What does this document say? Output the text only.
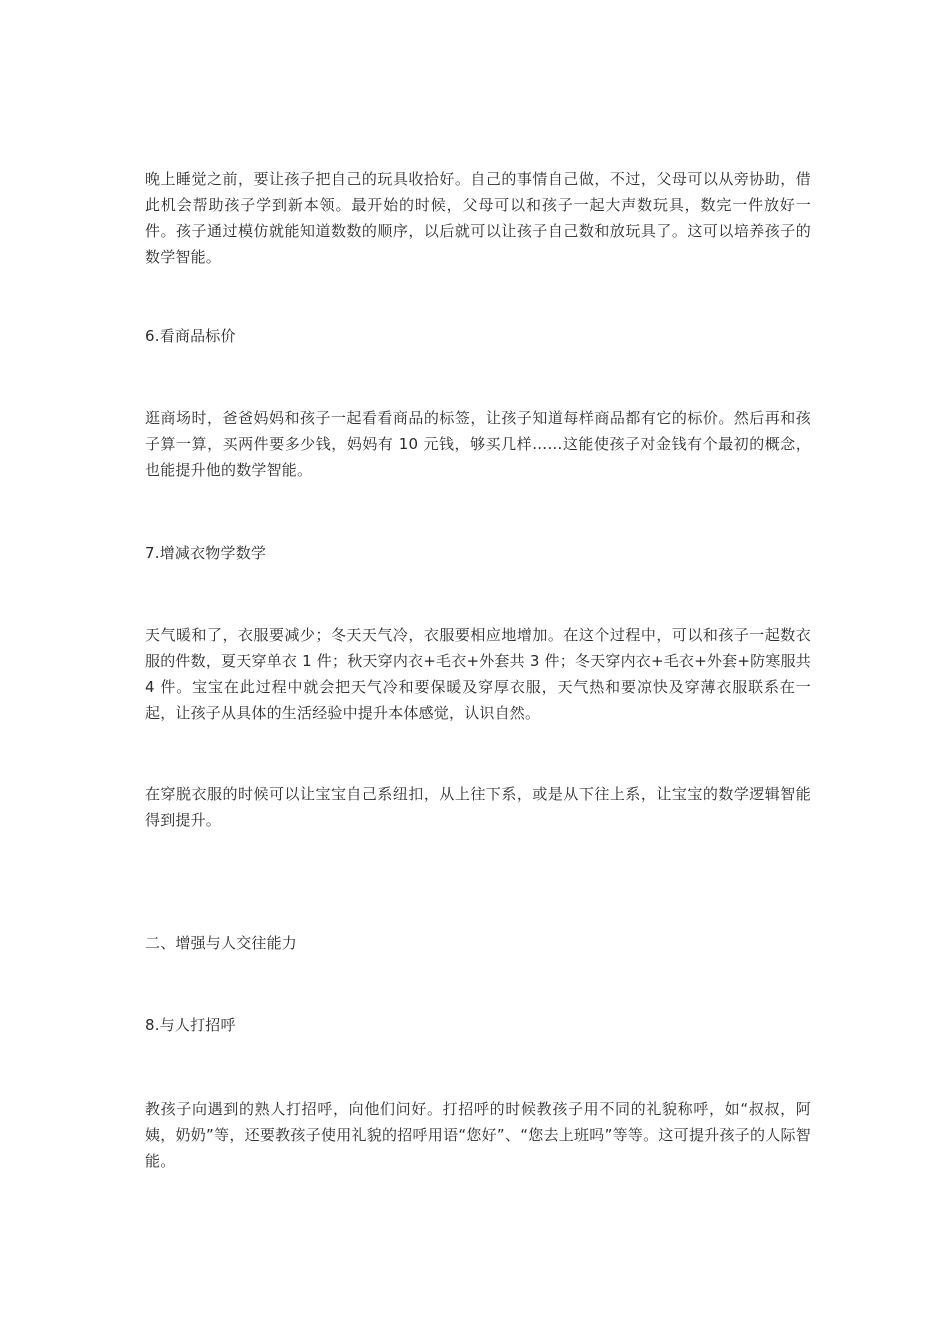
晚上睡觉之前，要让孩子把自己的玩具收拾好。自己的事情自己做，不过，父母可以从旁协助，借此机会帮助孩子学到新本领。最开始的时候，父母可以和孩子一起大声数玩具，数完一件放好一件。孩子通过模仿就能知道数数的顺序，以后就可以让孩子自己数和放玩具了。这可以培养孩子的数学智能。

6.看商品标价

逛商场时，爸爸妈妈和孩子一起看看商品的标签，让孩子知道每样商品都有它的标价。然后再和孩子算一算，买两件要多少钱，妈妈有 10 元钱，够买几样……这能使孩子对金钱有个最初的概念，也能提升他的数学智能。

7.增减衣物学数学

天气暖和了，衣服要减少；冬天天气冷，衣服要相应地增加。在这个过程中，可以和孩子一起数衣服的件数，夏天穿单衣 1 件；秋天穿内衣+毛衣+外套共 3 件；冬天穿内衣+毛衣+外套+防寒服共 4 件。宝宝在此过程中就会把天气冷和要保暖及穿厚衣服，天气热和要凉快及穿薄衣服联系在一起，让孩子从具体的生活经验中提升本体感觉，认识自然。

在穿脱衣服的时候可以让宝宝自己系纽扣，从上往下系，或是从下往上系，让宝宝的数学逻辑智能得到提升。

二、增强与人交往能力

8.与人打招呼

教孩子向遇到的熟人打招呼，向他们问好。打招呼的时候教孩子用不同的礼貌称呼，如“叔叔，阿姨，奶奶”等，还要教孩子使用礼貌的招呼用语“您好”、“您去上班吗”等等。这可提升孩子的人际智能。
